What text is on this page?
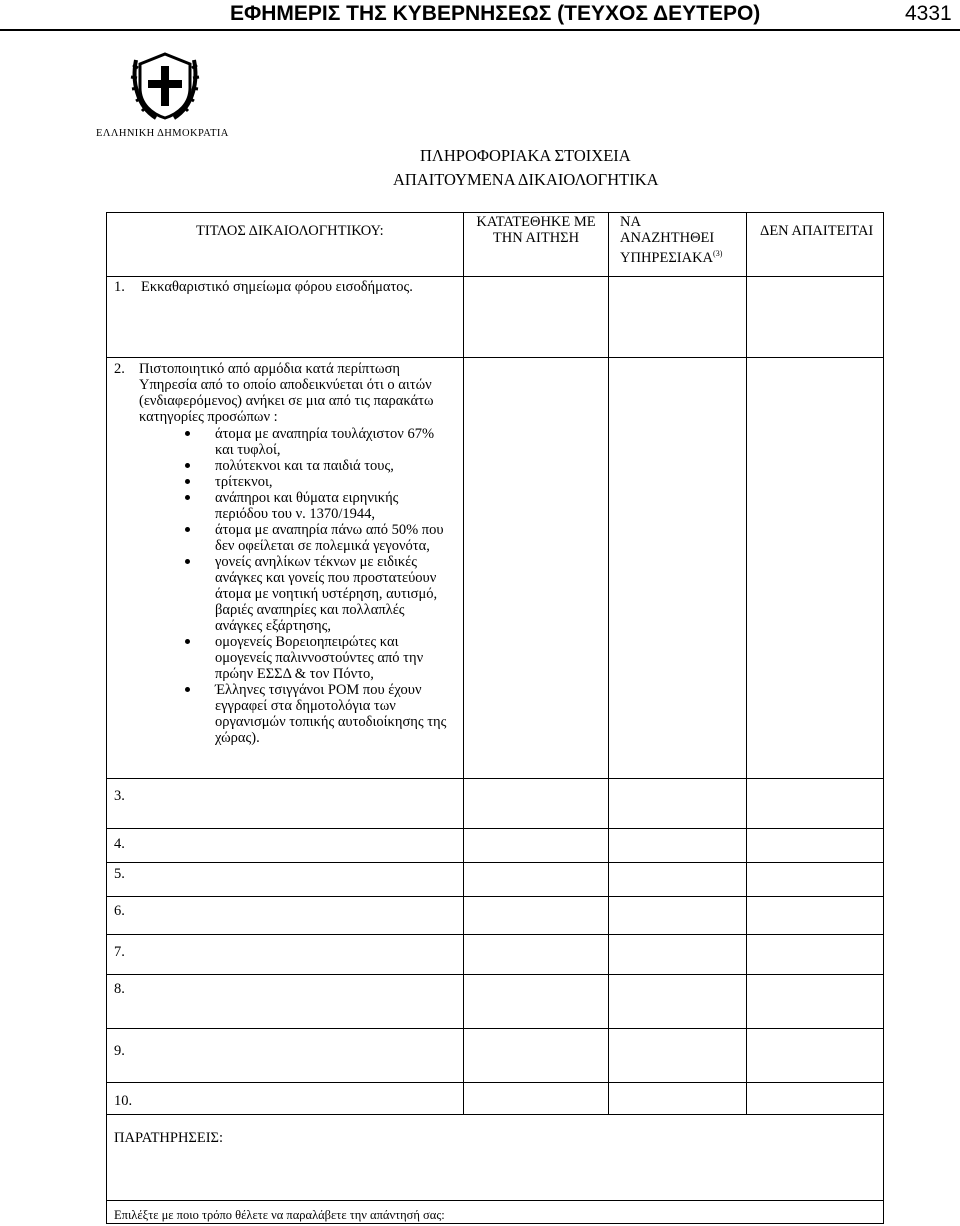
ΕΦΗΜΕΡΙΣ ΤΗΣ ΚΥΒΕΡΝΗΣΕΩΣ (ΤΕΥΧΟΣ ΔΕΥΤΕΡΟ)	4331
ΕΛΛΗΝΙΚΗ ΔΗΜΟΚΡΑΤΙΑ
ΠΛΗΡΟΦΟΡΙΑΚΑ ΣΤΟΙΧΕΙΑ
ΑΠΑΙΤΟΥΜΕΝΑ ΔΙΚΑΙΟΛΟΓΗΤΙΚΑ
ΤΙΤΛΟΣ ΔΙΚΑΙΟΛΟΓΗΤΙΚΟΥ:
ΚΑΤΑΤΕΘΗΚΕ ΜΕ ΤΗΝ ΑΙΤΗΣΗ
ΝΑ ΑΝΑΖΗΤΗΘΕΙ ΥΠΗΡΕΣΙΑΚΑ$^{(3)}$
ΔΕΝ ΑΠΑΙΤΕΙΤΑΙ
1. Εκκαθαριστικό σημείωμα φόρου εισοδήματος.
2. Πιστοποιητικό από αρμόδια κατά περίπτωση Υπηρεσία από το οποίο αποδεικνύεται ότι ο αιτών (ενδιαφερόμενος) ανήκει σε μια από τις παρακάτω κατηγορίες προσώπων :
άτομα με αναπηρία τουλάχιστον 67% και τυφλοί,
πολύτεκνοι και τα παιδιά τους,
τρίτεκνοι,
ανάπηροι και θύματα ειρηνικής περιόδου του ν. 1370/1944,
άτομα με αναπηρία πάνω από 50% που δεν οφείλεται σε πολεμικά γεγονότα,
γονείς ανηλίκων τέκνων με ειδικές ανάγκες και γονείς που προστατεύουν άτομα με νοητική υστέρηση, αυτισμό, βαριές αναπηρίες και πολλαπλές ανάγκες εξάρτησης,
ομογενείς Βορειοηπειρώτες και ομογενείς παλιννοστούντες από την πρώην ΕΣΣΔ & τον Πόντο,
Έλληνες τσιγγάνοι ΡΟΜ που έχουν εγγραφεί στα δημοτολόγια των οργανισμών τοπικής αυτοδιοίκησης της χώρας).
3.
4.
5.
6.
7.
8.
9.
10.
ΠΑΡΑΤΗΡΗΣΕΙΣ:
Επιλέξτε με ποιο τρόπο θέλετε να παραλάβετε την απάντησή σας:
